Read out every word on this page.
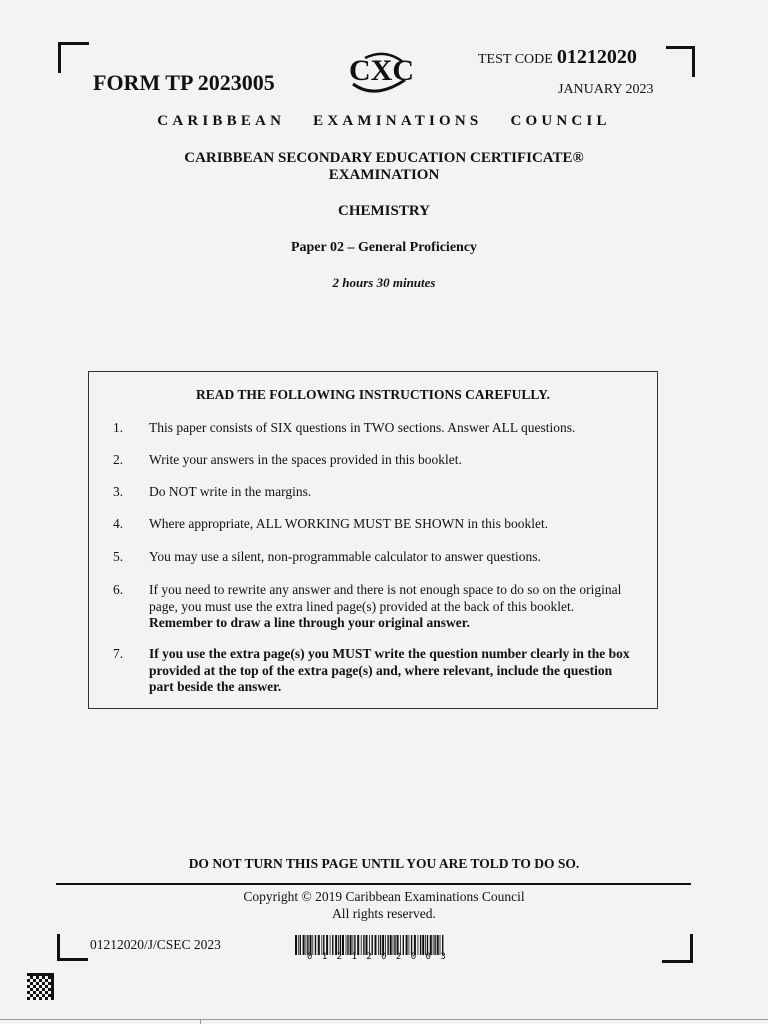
FORM TP 2023005 CXC	TEST CODE 01212020
JANUARY 2023
CARIBBEAN EXAMINATIONS COUNCIL
CARIBBEAN SECONDARY EDUCATION CERTIFICATE®
EXAMINATION
CHEMISTRY
Paper 02 – General Proficiency
2 hours 30 minutes
READ THE FOLLOWING INSTRUCTIONS CAREFULLY.
1. This paper consists of SIX questions in TWO sections. Answer ALL questions.
2. Write your answers in the spaces provided in this booklet.
3. Do NOT write in the margins.
4. Where appropriate, ALL WORKING MUST BE SHOWN in this booklet.
5. You may use a silent, non-programmable calculator to answer questions.
6. If you need to rewrite any answer and there is not enough space to do so on the original page, you must use the extra lined page(s) provided at the back of this booklet. Remember to draw a line through your original answer.
7. If you use the extra page(s) you MUST write the question number clearly in the box provided at the top of the extra page(s) and, where relevant, include the question part beside the answer.
DO NOT TURN THIS PAGE UNTIL YOU ARE TOLD TO DO SO.
Copyright © 2019 Caribbean Examinations Council
All rights reserved.
01212020/J/CSEC 2023
0121202003
